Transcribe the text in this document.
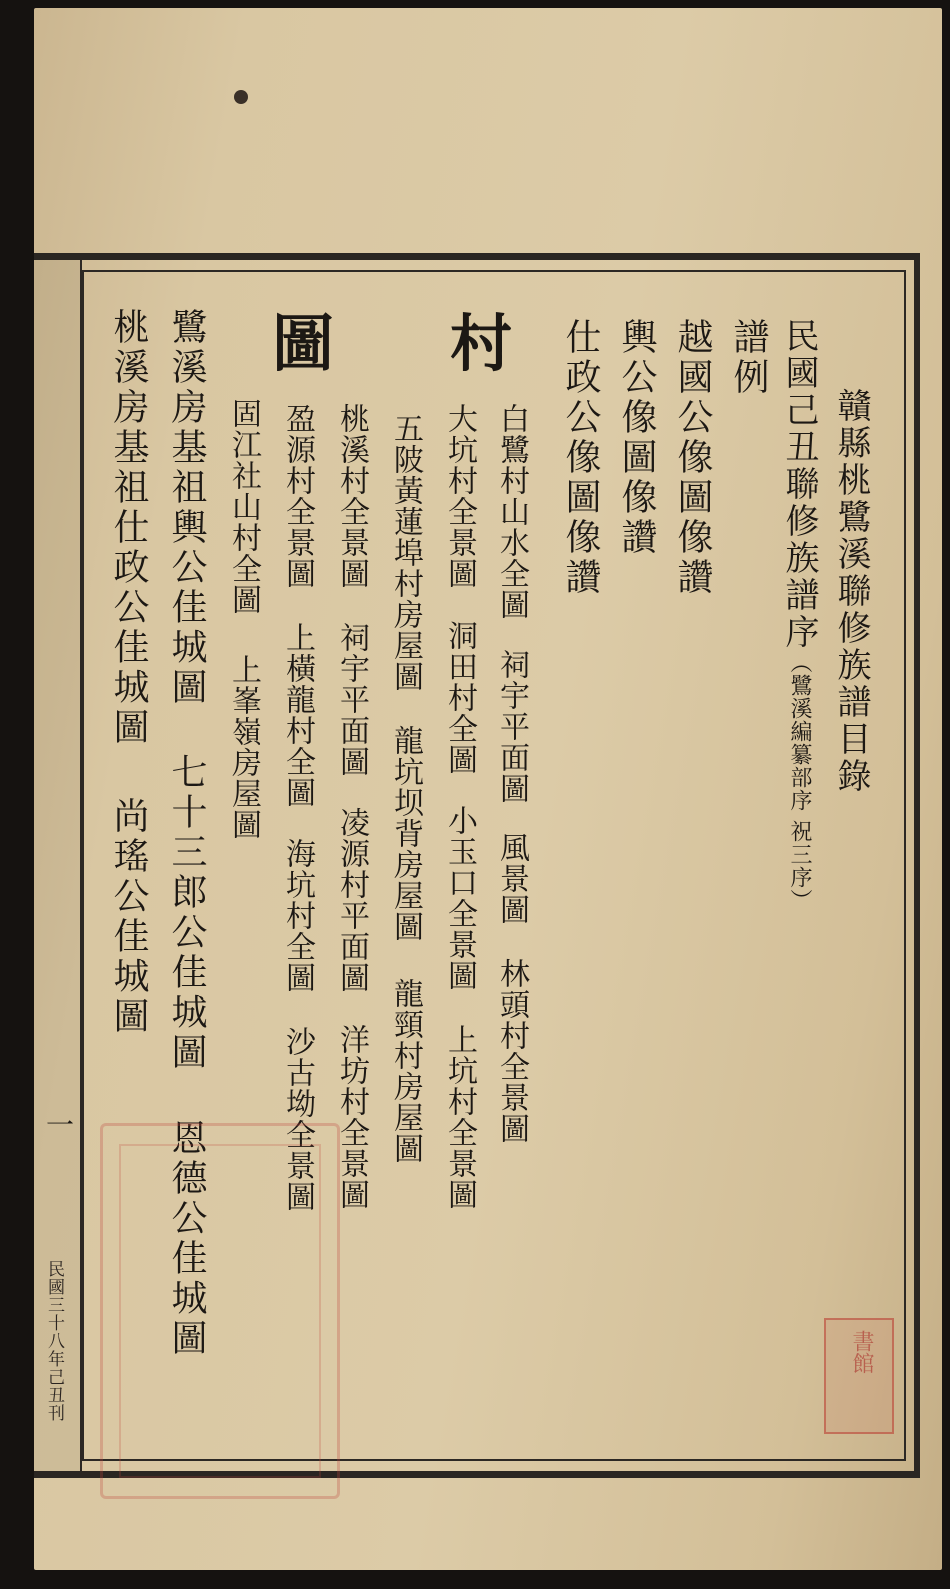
一
民國三十八年己丑刊
贛縣桃鷺溪聯修族譜目錄
民國己丑聯修族譜序（鷺溪編纂部序 祝三序）
譜例
越國公像圖像讚
輿公像圖像讚
仕政公像圖像讚
村
圖
白鷺村山水全圖 祠宇平面圖 風景圖 林頭村全景圖
大坑村全景圖 洞田村全圖 小玉口全景圖 上坑村全景圖
五陂黃蓮埠村房屋圖 龍坑坝背房屋圖 龍頸村房屋圖
桃溪村全景圖 祠宇平面圖 凌源村平面圖 洋坊村全景圖
盈源村全景圖 上橫龍村全圖 海坑村全圖 沙古坳全景圖
固江社山村全圖 上峯嶺房屋圖
鷺溪房基祖輿公佳城圖 七十三郎公佳城圖 恩德公佳城圖
桃溪房基祖仕政公佳城圖 尚瑤公佳城圖
書館
